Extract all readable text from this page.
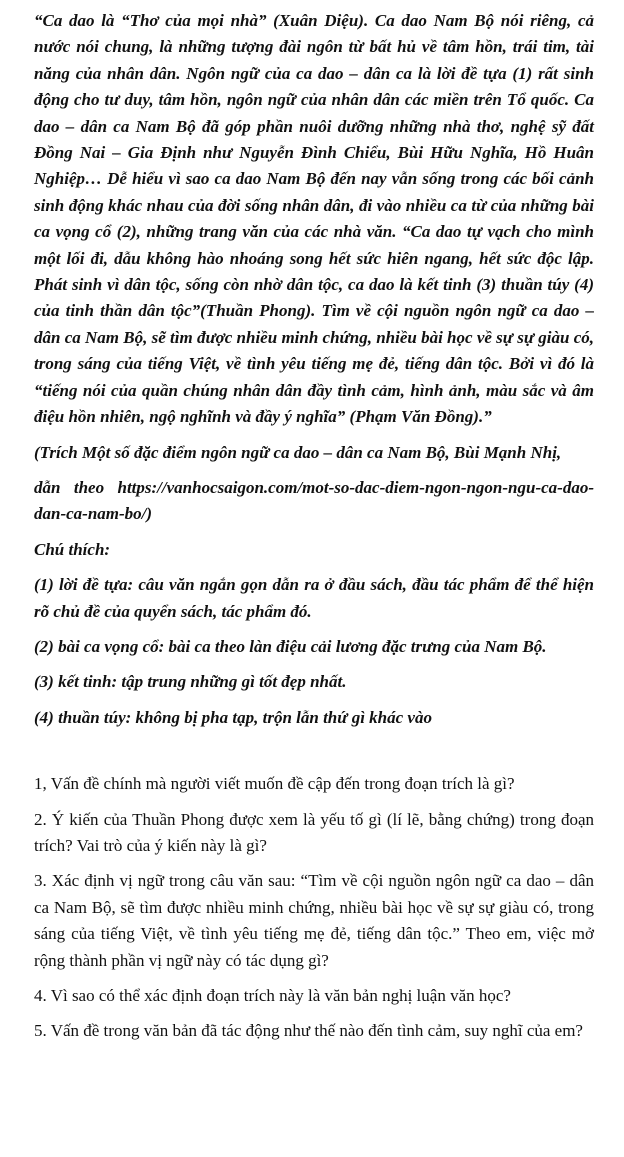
“Ca dao là “Thơ của mọi nhà” (Xuân Diệu). Ca dao Nam Bộ nói riêng, cả nước nói chung, là những tượng đài ngôn từ bất hủ về tâm hồn, trái tim, tài năng của nhân dân. Ngôn ngữ của ca dao – dân ca là lời đề tựa (1) rất sinh động cho tư duy, tâm hồn, ngôn ngữ của nhân dân các miền trên Tổ quốc. Ca dao – dân ca Nam Bộ đã góp phần nuôi dưỡng những nhà thơ, nghệ sỹ đất Đồng Nai – Gia Định như Nguyễn Đình Chiểu, Bùi Hữu Nghĩa, Hồ Huân Nghiệp… Dễ hiểu vì sao ca dao Nam Bộ đến nay vẫn sống trong các bối cảnh sinh động khác nhau của đời sống nhân dân, đi vào nhiều ca từ của những bài ca vọng cổ (2), những trang văn của các nhà văn. “Ca dao tự vạch cho mình một lối đi, dẫu không hào nhoáng song hết sức hiên ngang, hết sức độc lập. Phát sinh vì dân tộc, sống còn nhờ dân tộc, ca dao là kết tinh (3) thuần túy (4) của tinh thần dân tộc”(Thuần Phong). Tìm về cội nguồn ngôn ngữ ca dao – dân ca Nam Bộ, sẽ tìm được nhiều minh chứng, nhiều bài học về sự sự giàu có, trong sáng của tiếng Việt, về tình yêu tiếng mẹ đẻ, tiếng dân tộc. Bởi vì đó là “tiếng nói của quần chúng nhân dân đầy tình cảm, hình ảnh, màu sắc và âm điệu hồn nhiên, ngộ nghĩnh và đầy ý nghĩa” (Phạm Văn Đồng).”

(Trích Một số đặc điểm ngôn ngữ ca dao – dân ca Nam Bộ, Bùi Mạnh Nhị,

dẫn theo https://vanhocsaigon.com/mot-so-dac-diem-ngon-ngon-ngu-ca-dao-dan-ca-nam-bo/)

Chú thích:

(1) lời đề tựa: câu văn ngắn gọn dẫn ra ở đầu sách, đầu tác phẩm để thể hiện rõ chủ đề của quyển sách, tác phẩm đó.

(2) bài ca vọng cổ: bài ca theo làn điệu cải lương đặc trưng của Nam Bộ.

(3) kết tinh: tập trung những gì tốt đẹp nhất.

(4) thuần túy: không bị pha tạp, trộn lẫn thứ gì khác vào

1, Vấn đề chính mà người viết muốn đề cập đến trong đoạn trích là gì?

2. Ý kiến của Thuần Phong được xem là yếu tố gì (lí lẽ, bằng chứng) trong đoạn trích? Vai trò của ý kiến này là gì?

3. Xác định vị ngữ trong câu văn sau: “Tìm về cội nguồn ngôn ngữ ca dao – dân ca Nam Bộ, sẽ tìm được nhiều minh chứng, nhiều bài học về sự sự giàu có, trong sáng của tiếng Việt, về tình yêu tiếng mẹ đẻ, tiếng dân tộc.” Theo em, việc mở rộng thành phần vị ngữ này có tác dụng gì?

4. Vì sao có thể xác định đoạn trích này là văn bản nghị luận văn học?

5. Vấn đề trong văn bản đã tác động như thế nào đến tình cảm, suy nghĩ của em?
